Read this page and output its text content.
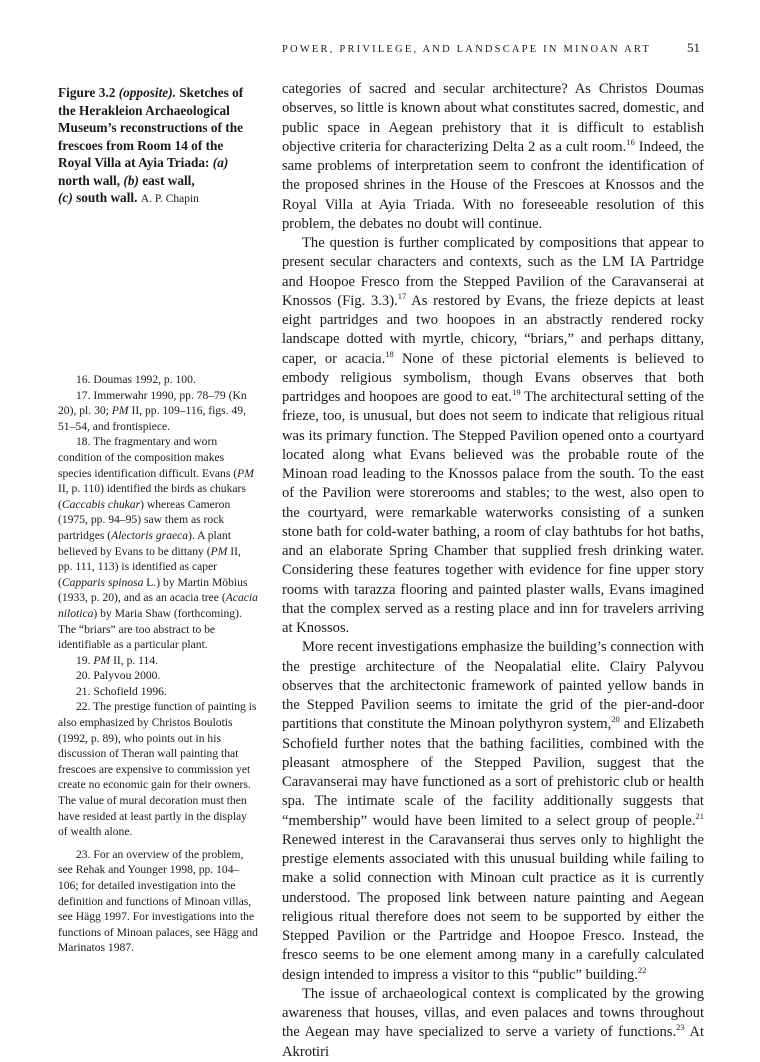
POWER, PRIVILEGE, AND LANDSCAPE IN MINOAN ART	51
Figure 3.2 (opposite). Sketches of the Herakleion Archaeological Museum’s reconstructions of the frescoes from Room 14 of the Royal Villa at Ayia Triada: (a) north wall, (b) east wall,
(c) south wall. A. P. Chapin

16. Doumas 1992, p. 100.

17. Immerwahr 1990, pp. 78–79 (Kn 20), pl. 30; PM II, pp. 109–116, figs. 49, 51–54, and frontispiece.

18. The fragmentary and worn condition of the composition makes species identification difficult. Evans (PM II, p. 110) identified the birds as chukars (Caccabis chukar) whereas Cameron (1975, pp. 94–95) saw them as rock partridges (Alectoris graeca). A plant believed by Evans to be dittany (PM II, pp. 111, 113) is identified as caper (Capparis spinosa L.) by Martin Möbius (1933, p. 20), and as an acacia tree (Acacia nilotica) by Maria Shaw (forthcoming). The “briars” are too abstract to be identifiable as a particular plant.

19. PM II, p. 114.

20. Palyvou 2000.

21. Schofield 1996.

22. The prestige function of painting is also emphasized by Christos Boulotis (1992, p. 89), who points out in his discussion of Theran wall painting that frescoes are expensive to commission yet create no economic gain for their owners. The value of mural decoration must then have resided at least partly in the display of wealth alone.

23. For an overview of the problem, see Rehak and Younger 1998, pp. 104–106; for detailed investigation into the definition and functions of Minoan villas, see Hägg 1997. For investigations into the functions of Minoan palaces, see Hägg and Marinatos 1987.

categories of sacred and secular architecture? As Christos Doumas observes, so little is known about what constitutes sacred, domestic, and public space in Aegean prehistory that it is difficult to establish objective criteria for characterizing Delta 2 as a cult room.$^{16}$ Indeed, the same problems of interpretation seem to confront the identification of the proposed shrines in the House of the Frescoes at Knossos and the Royal Villa at Ayia Triada. With no foreseeable resolution of this problem, the debates no doubt will continue.

The question is further complicated by compositions that appear to present secular characters and contexts, such as the LM IA Partridge and Hoopoe Fresco from the Stepped Pavilion of the Caravanserai at Knossos (Fig. 3.3).$^{17}$ As restored by Evans, the frieze depicts at least eight partridges and two hoopoes in an abstractly rendered rocky landscape dotted with myrtle, chicory, “briars,” and perhaps dittany, caper, or acacia.$^{18}$ None of these pictorial elements is believed to embody religious symbolism, though Evans observes that both partridges and hoopoes are good to eat.$^{19}$ The architectural setting of the frieze, too, is unusual, but does not seem to indicate that religious ritual was its primary function. The Stepped Pavilion opened onto a courtyard located along what Evans believed was the probable route of the Minoan road leading to the Knossos palace from the south. To the east of the Pavilion were storerooms and stables; to the west, also open to the courtyard, were remarkable waterworks consisting of a sunken stone bath for cold-water bathing, a room of clay bathtubs for hot baths, and an elaborate Spring Chamber that supplied fresh drinking water. Considering these features together with evidence for fine upper story rooms with tarazza flooring and painted plaster walls, Evans imagined that the complex served as a resting place and inn for travelers arriving at Knossos.

More recent investigations emphasize the building’s connection with the prestige architecture of the Neopalatial elite. Clairy Palyvou observes that the architectonic framework of painted yellow bands in the Stepped Pavilion seems to imitate the grid of the pier-and-door partitions that constitute the Minoan polythyron system,$^{20}$ and Elizabeth Schofield further notes that the bathing facilities, combined with the pleasant atmosphere of the Stepped Pavilion, suggest that the Caravanserai may have functioned as a sort of prehistoric club or health spa. The intimate scale of the facility additionally suggests that “membership” would have been limited to a select group of people.$^{21}$ Renewed interest in the Caravanserai thus serves only to highlight the prestige elements associated with this unusual building while failing to make a solid connection with Minoan cult practice as it is currently understood. The proposed link between nature painting and Aegean religious ritual therefore does not seem to be supported by either the Stepped Pavilion or the Partridge and Hoopoe Fresco. Instead, the fresco seems to be one element among many in a carefully calculated design intended to impress a visitor to this “public” building.$^{22}$

The issue of archaeological context is complicated by the growing awareness that houses, villas, and even palaces and towns throughout the Aegean may have specialized to serve a variety of functions.$^{23}$ At Akrotiri
